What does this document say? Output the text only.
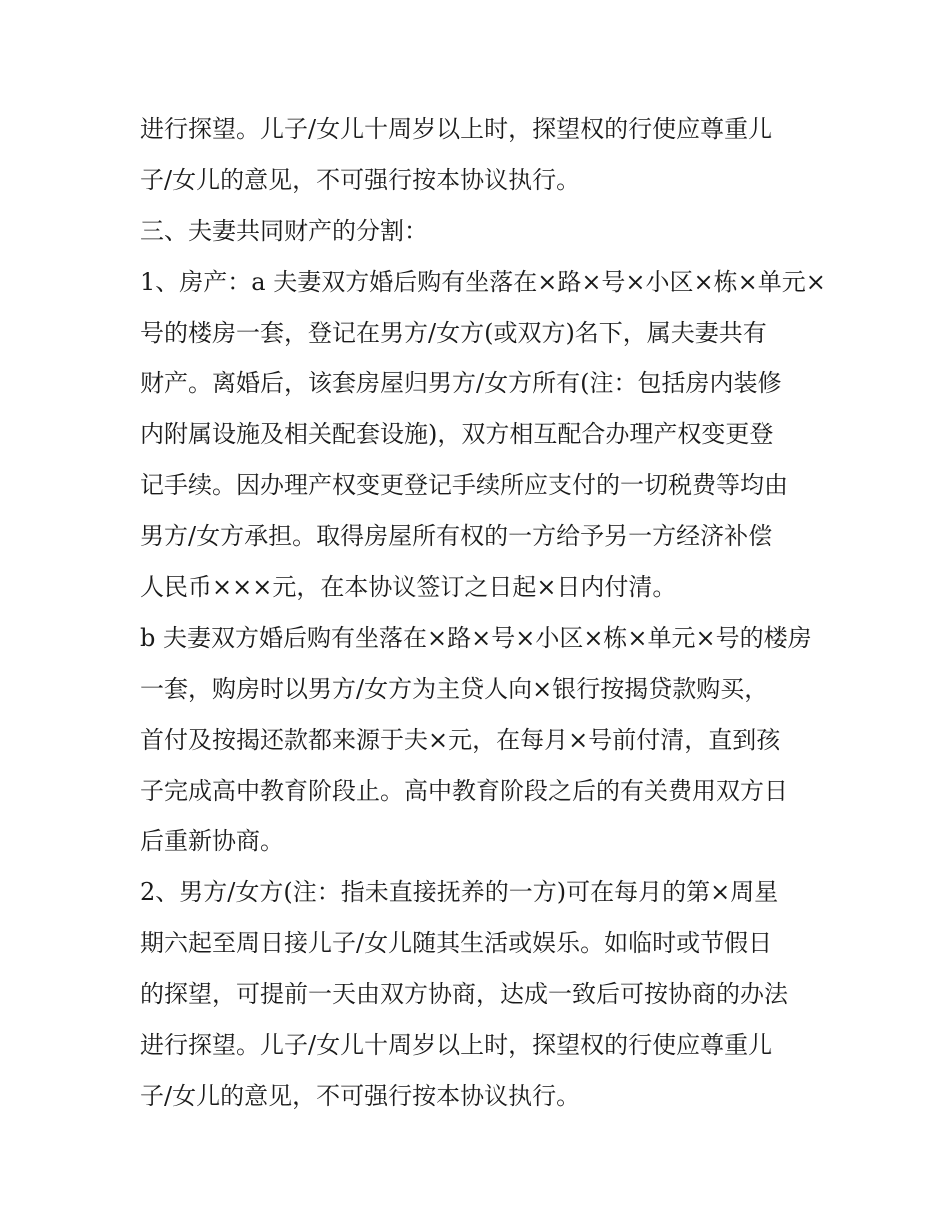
进行探望。儿子/女儿十周岁以上时，探望权的行使应尊重儿
子/女儿的意见，不可强行按本协议执行。
三、夫妻共同财产的分割：
1、房产：a 夫妻双方婚后购有坐落在×路×号×小区×栋×单元×
号的楼房一套，登记在男方/女方(或双方)名下，属夫妻共有
财产。离婚后，该套房屋归男方/女方所有(注：包括房内装修
内附属设施及相关配套设施)，双方相互配合办理产权变更登
记手续。因办理产权变更登记手续所应支付的一切税费等均由
男方/女方承担。取得房屋所有权的一方给予另一方经济补偿
人民币×××元，在本协议签订之日起×日内付清。
b 夫妻双方婚后购有坐落在×路×号×小区×栋×单元×号的楼房
一套，购房时以男方/女方为主贷人向×银行按揭贷款购买，
首付及按揭还款都来源于夫×元，在每月×号前付清，直到孩
子完成高中教育阶段止。高中教育阶段之后的有关费用双方日
后重新协商。
2、男方/女方(注：指未直接抚养的一方)可在每月的第×周星
期六起至周日接儿子/女儿随其生活或娱乐。如临时或节假日
的探望，可提前一天由双方协商，达成一致后可按协商的办法
进行探望。儿子/女儿十周岁以上时，探望权的行使应尊重儿
子/女儿的意见，不可强行按本协议执行。
